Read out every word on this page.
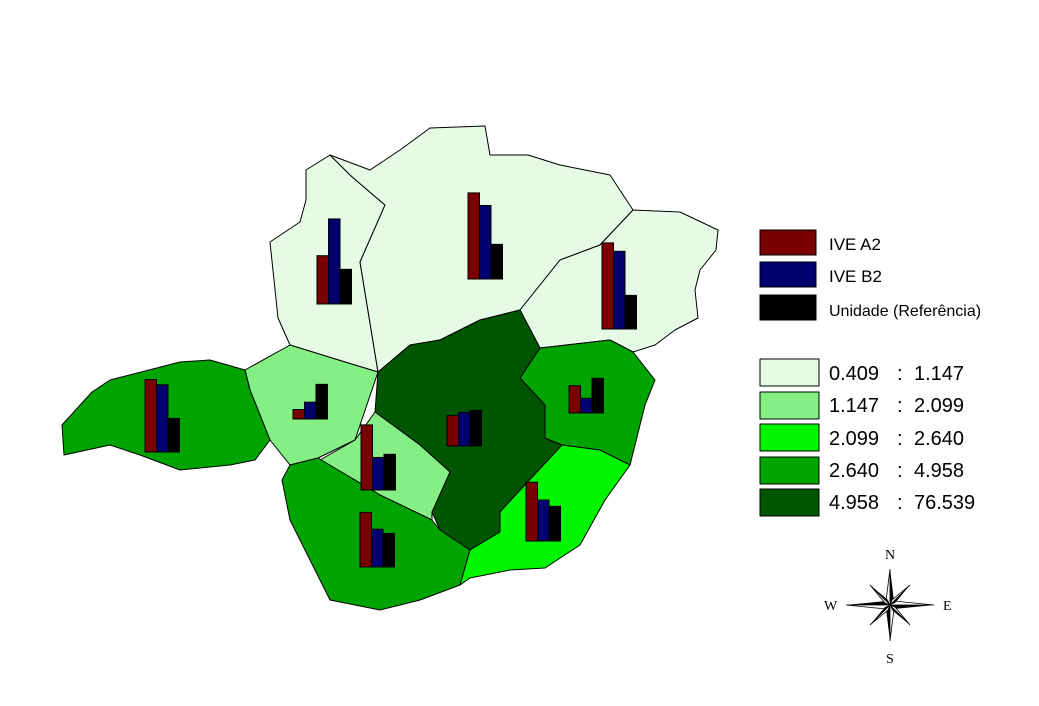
IVE A2
IVE B2
Unidade (Referência)
0.409 : 1.147
1.147 : 2.099
2.099 : 2.640
2.640 : 4.958
4.958 : 76.539
N
S
E
W
